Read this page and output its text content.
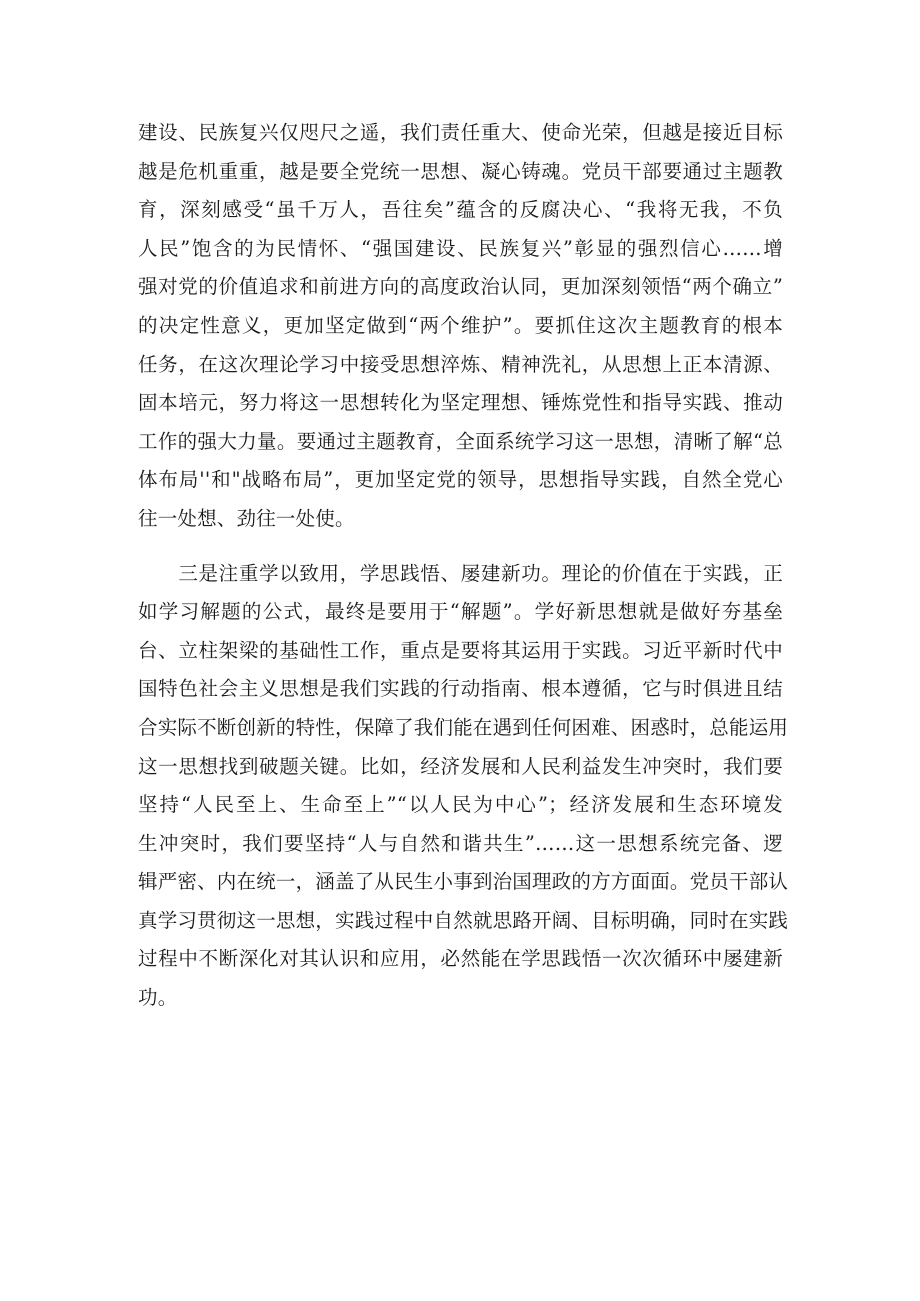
建设、民族复兴仅咫尺之遥，我们责任重大、使命光荣，但越是接近目标
越是危机重重，越是要全党统一思想、凝心铸魂。党员干部要通过主题教
育，深刻感受“虽千万人，吾往矣”蕴含的反腐决心、“我将无我，不负
人民”饱含的为民情怀、“强国建设、民族复兴”彰显的强烈信心……增
强对党的价值追求和前进方向的高度政治认同，更加深刻领悟“两个确立”
的决定性意义，更加坚定做到“两个维护”。要抓住这次主题教育的根本
任务，在这次理论学习中接受思想淬炼、精神洗礼，从思想上正本清源、
固本培元，努力将这一思想转化为坚定理想、锤炼党性和指导实践、推动
工作的强大力量。要通过主题教育，全面系统学习这一思想，清晰了解“总
体布局''和"战略布局”，更加坚定党的领导，思想指导实践，自然全党心
往一处想、劲往一处使。
　　三是注重学以致用，学思践悟、屡建新功。理论的价值在于实践，正
如学习解题的公式，最终是要用于“解题”。学好新思想就是做好夯基垒
台、立柱架梁的基础性工作，重点是要将其运用于实践。习近平新时代中
国特色社会主义思想是我们实践的行动指南、根本遵循，它与时俱进且结
合实际不断创新的特性，保障了我们能在遇到任何困难、困惑时，总能运用
这一思想找到破题关键。比如，经济发展和人民利益发生冲突时，我们要
坚持“人民至上、生命至上”“以人民为中心”；经济发展和生态环境发
生冲突时，我们要坚持“人与自然和谐共生”……这一思想系统完备、逻
辑严密、内在统一，涵盖了从民生小事到治国理政的方方面面。党员干部认
真学习贯彻这一思想，实践过程中自然就思路开阔、目标明确，同时在实践
过程中不断深化对其认识和应用，必然能在学思践悟一次次循环中屡建新
功。
